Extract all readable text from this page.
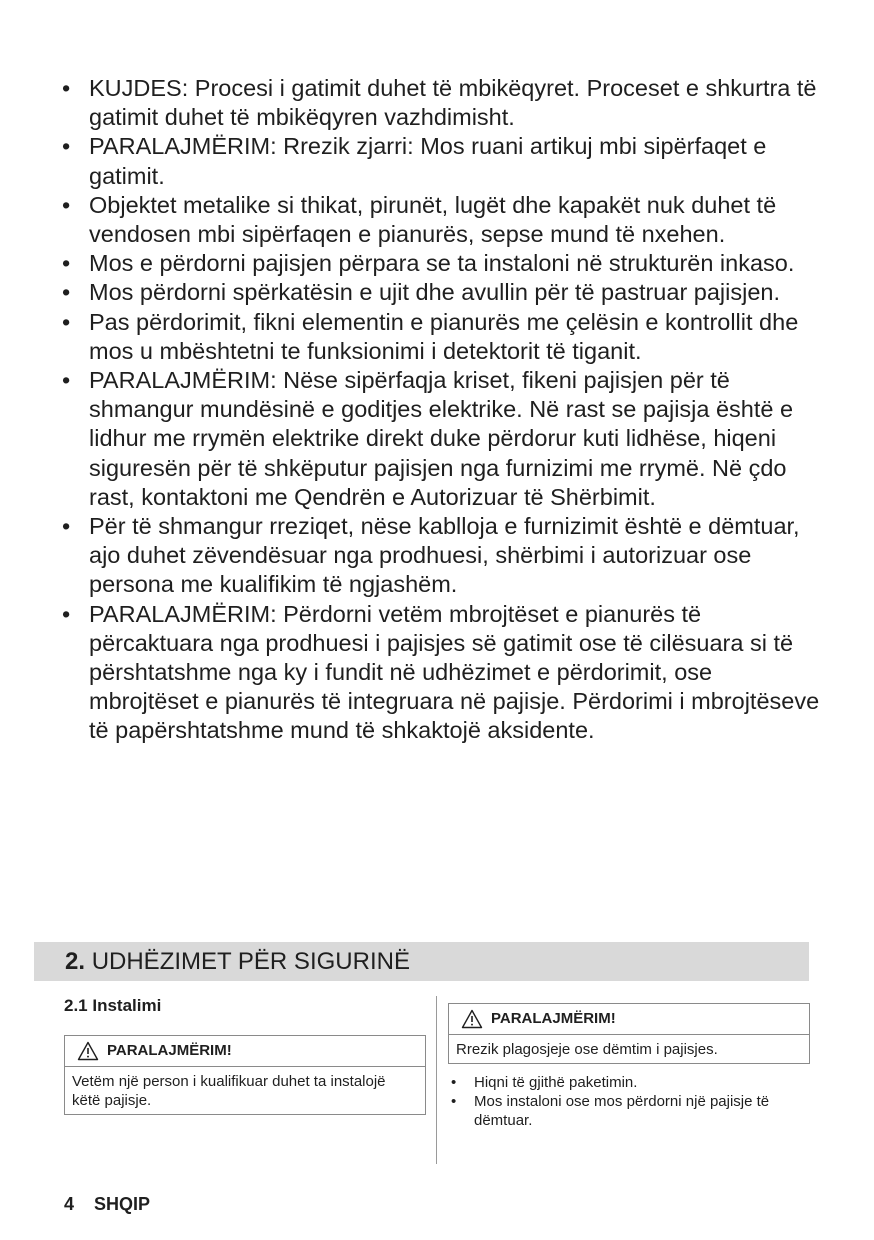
• KUJDES: Procesi i gatimit duhet të mbikëqyret. Proceset e shkurtra të gatimit duhet të mbikëqyren vazhdimisht.
• PARALAJMËRIM: Rrezik zjarri: Mos ruani artikuj mbi sipërfaqet e gatimit.
• Objektet metalike si thikat, pirunët, lugët dhe kapakët nuk duhet të vendosen mbi sipërfaqen e pianurës, sepse mund të nxehen.
• Mos e përdorni pajisjen përpara se ta instaloni në strukturën inkaso.
• Mos përdorni spërkatësin e ujit dhe avullin për të pastruar pajisjen.
• Pas përdorimit, fikni elementin e pianurës me çelësin e kontrollit dhe mos u mbështetni te funksionimi i detektorit të tiganit.
• PARALAJMËRIM: Nëse sipërfaqja kriset, fikeni pajisjen për të shmangur mundësinë e goditjes elektrike. Në rast se pajisja është e lidhur me rrymën elektrike direkt duke përdorur kuti lidhëse, hiqeni siguresën për të shkëputur pajisjen nga furnizimi me rrymë. Në çdo rast, kontaktoni me Qendrën e Autorizuar të Shërbimit.
• Për të shmangur rreziqet, nëse kablloja e furnizimit është e dëmtuar, ajo duhet zëvendësuar nga prodhuesi, shërbimi i autorizuar ose persona me kualifikim të ngjashëm.
• PARALAJMËRIM: Përdorni vetëm mbrojtëset e pianurës të përcaktuara nga prodhuesi i pajisjes së gatimit ose të cilësuara si të përshtatshme nga ky i fundit në udhëzimet e përdorimit, ose mbrojtëset e pianurës të integruara në pajisje. Përdorimi i mbrojtëseve të papërshtatshme mund të shkaktojë aksidente.
2. UDHËZIMET PËR SIGURINË
2.1 Instalimi
PARALAJMËRIM!
Vetëm një person i kualifikuar duhet ta instalojë këtë pajisje.
PARALAJMËRIM!
Rrezik plagosjeje ose dëmtim i pajisjes.
• Hiqni të gjithë paketimin.
• Mos instaloni ose mos përdorni një pajisje të dëmtuar.
4 SHQIP
